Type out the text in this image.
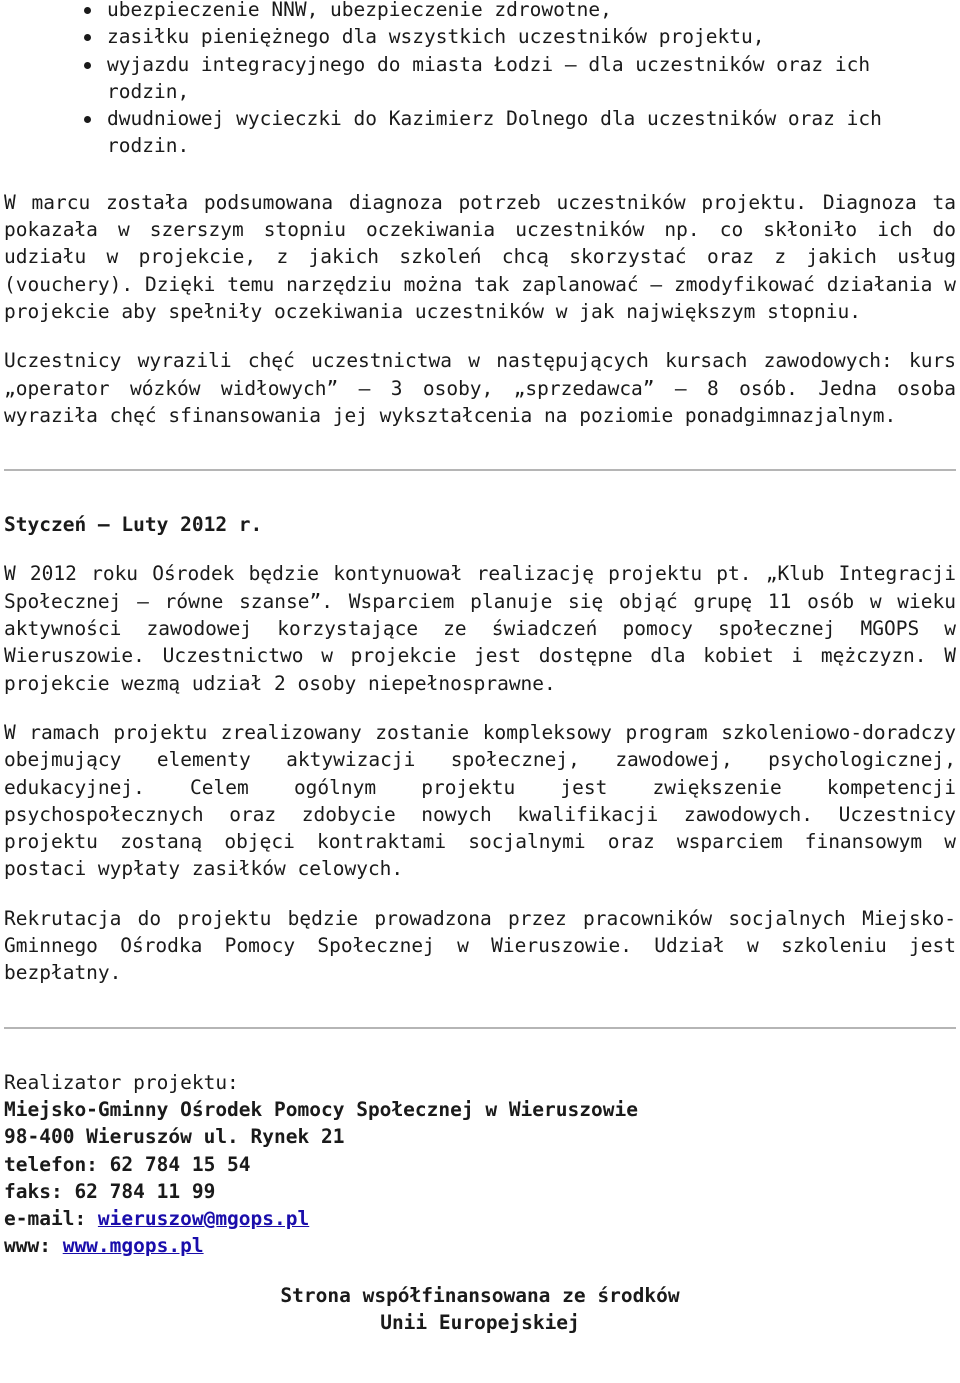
ubezpieczenie NNW, ubezpieczenie zdrowotne,
zasiłku pieniężnego dla wszystkich uczestników projektu,
wyjazdu integracyjnego do miasta Łodzi – dla uczestników oraz ich rodzin,
dwudniowej wycieczki do Kazimierz Dolnego dla uczestników oraz ich rodzin.

W marcu została podsumowana diagnoza potrzeb uczestników projektu. Diagnoza ta pokazała w szerszym stopniu oczekiwania uczestników np. co skłoniło ich do udziału w projekcie, z jakich szkoleń chcą skorzystać oraz z jakich usług (vouchery). Dzięki temu narzędziu można tak zaplanować – zmodyfikować działania w projekcie aby spełniły oczekiwania uczestników w jak największym stopniu.

Uczestnicy wyrazili chęć uczestnictwa w następujących kursach zawodowych: kurs „operator wózków widłowych” – 3 osoby, „sprzedawca” – 8 osób. Jedna osoba wyraziła chęć sfinansowania jej wykształcenia na poziomie ponadgimnazjalnym.

Styczeń – Luty 2012 r.

W 2012 roku Ośrodek będzie kontynuował realizację projektu pt. „Klub Integracji Społecznej – równe szanse”. Wsparciem planuje się objąć grupę 11 osób w wieku aktywności zawodowej korzystające ze świadczeń pomocy społecznej MGOPS w Wieruszowie. Uczestnictwo w projekcie jest dostępne dla kobiet i mężczyzn. W projekcie wezmą udział 2 osoby niepełnosprawne.

W ramach projektu zrealizowany zostanie kompleksowy program szkoleniowo-doradczy obejmujący elementy aktywizacji społecznej, zawodowej, psychologicznej, edukacyjnej. Celem ogólnym projektu jest zwiększenie kompetencji psychospołecznych oraz zdobycie nowych kwalifikacji zawodowych. Uczestnicy projektu zostaną objęci kontraktami socjalnymi oraz wsparciem finansowym w postaci wypłaty zasiłków celowych.

Rekrutacja do projektu będzie prowadzona przez pracowników socjalnych Miejsko-Gminnego Ośrodka Pomocy Społecznej w Wieruszowie. Udział w szkoleniu jest bezpłatny.

Realizator projektu:
Miejsko-Gminny Ośrodek Pomocy Społecznej w Wieruszowie
98-400 Wieruszów ul. Rynek 21
telefon: 62 784 15 54
faks: 62 784 11 99
e-mail: wieruszow@mgops.pl
www: www.mgops.pl
Strona współfinansowana ze środków
Unii Europejskiej
